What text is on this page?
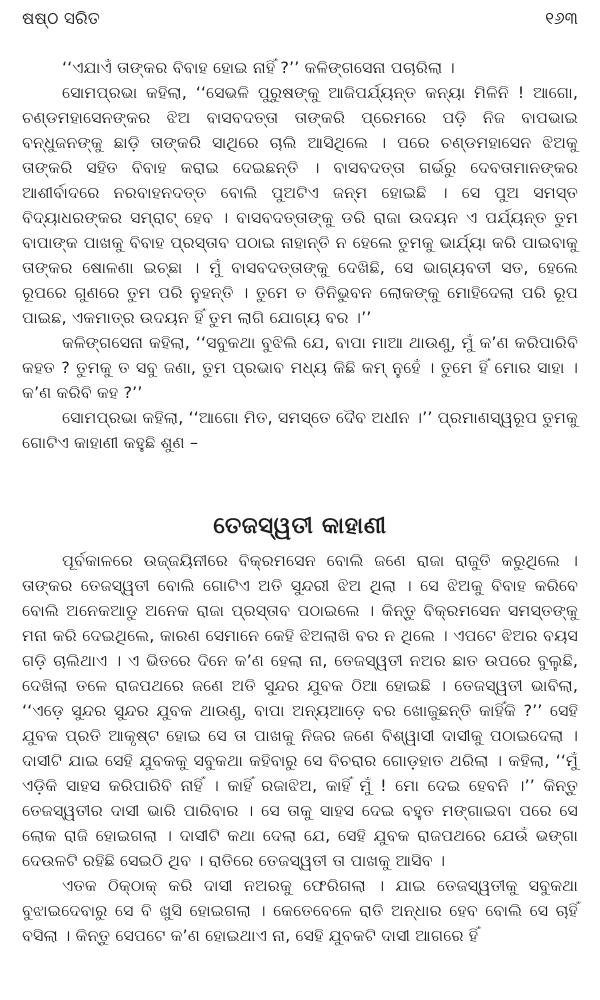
ଷଷ୍ଠ ସରିତ	୧୬୩

‘‘ଏଯାଏଁ ତାଙ୍କର ବିବାହ ହୋଇ ନାହିଁ ?’’ କଳିଙ୍ଗସେନା ପଚାରିଲା ।

ସୋମପ୍ରଭା କହିଲା, ‘‘ସେଭଳି ପୁରୁଷଙ୍କୁ ଆଜିପର୍ଯ୍ୟନ୍ତ କନ୍ୟା ମିଳିନି ! ଆଗୋ, ଚଣ୍ଡମହାସେନଙ୍କର ଝିଅ ବାସବଦତ୍ତା ତାଙ୍କରି ପ୍ରେମରେ ପଡ଼ି ନିଜ ବାପଭାଇ ବନ୍ଧୁଜନଙ୍କୁ ଛାଡ଼ି ତାଙ୍କରି ସାଥିରେ ଚାଲି ଆସିଥିଲେ । ପରେ ଚଣ୍ଡମହାସେନ ଝିଅକୁ ତାଙ୍କରି ସହିତ ବିବାହ କରାଇ ଦେଇଛନ୍ତି । ବାସବଦତ୍ତା ଗର୍ଭରୁ ଦେବତାମାନଙ୍କର ଆଶୀର୍ବାଦରେ ନରବାହନଦତ୍ତ ବୋଲି ପୁଅଟିଏ ଜନ୍ମ ହୋଇଛି । ସେ ପୁଅ ସମସ୍ତ ବିଦ୍ୟାଧରଙ୍କର ସମ୍ରାଟ୍ ହେବ । ବାସବଦତ୍ତାଙ୍କୁ ଡରି ରାଜା ଉଦୟନ ଏ ପର୍ଯ୍ୟନ୍ତ ତୁମ ବାପାଙ୍କ ପାଖକୁ ବିବାହ ପ୍ରସ୍ତାବ ପଠାଇ ନାହାନ୍ତି ନ ହେଲେ ତୁମକୁ ଭାର୍ଯ୍ୟା କରି ପାଇବାକୁ ତାଙ୍କର ଷୋଳଣା ଇଚ୍ଛା । ମୁଁ ବାସବଦତ୍ତାଙ୍କୁ ଦେଖିଛି, ସେ ଭାଗ୍ୟବତୀ ସତ, ହେଲେ ରୂପରେ ଗୁଣରେ ତୁମ ପରି ନୁହନ୍ତି । ତୁମେ ତ ତିନିଭୁବନ ଲୋକଙ୍କୁ ମୋହିଦେଲା ପରି ରୂପ ପାଇଛ, ଏକମାତ୍ର ଉଦୟନ ହିଁ ତୁମ ଲାଗି ଯୋଗ୍ୟ ବର ।’’

କଳିଙ୍ଗସେନା କହିଲା, ‘‘ସବୁକଥା ବୁଝିଲି ଯେ, ବାପା ମାଆ ଥାଉଣୁ, ମୁଁ କ’ଣ କରିପାରିବି କହତ ? ତୁମକୁ ତ ସବୁ ଜଣା, ତୁମ ପ୍ରଭାବ ମଧ୍ୟ କିଛି କମ୍ ନୁହେଁ । ତୁମେ ହିଁ ମୋର ସାହା । କ’ଣ କରିବି କହ ?’’

ସୋମପ୍ରଭା କହିଲା, ‘‘ଆଗୋ ମିତ, ସମସ୍ତେ ଦୈବ ଅଧୀନ ।’’ ପ୍ରମାଣସ୍ୱରୂପ ତୁମକୁ ଗୋଟିଏ କାହାଣୀ କହୁଛି ଶୁଣ –

ତେଜସ୍ୱତୀ କାହାଣୀ

ପୂର୍ବକାଳରେ ଉଜ୍ଜୟିନୀରେ ବିକ୍ରମସେନ ବୋଲି ଜଣେ ରାଜା ରାଜୁତି କରୁଥିଲେ । ତାଙ୍କର ତେଜସ୍ୱତୀ ବୋଲି ଗୋଟିଏ ଅତି ସୁନ୍ଦରୀ ଝିଅ ଥିଲା । ସେ ଝିଅକୁ ବିବାହ କରିବେ ବୋଲି ଅନେକଆଡୁ ଅନେକ ରାଜା ପ୍ରସ୍ତାବ ପଠାଇଲେ । କିନ୍ତୁ ବିକ୍ରମସେନ ସମସ୍ତଙ୍କୁ ମନା କରି ଦେଇଥିଲେ, କାରଣ ସେମାନେ କେହି ଝିଅଲାଖି ବର ନ ଥିଲେ । ଏପଟେ ଝିଅର ବୟସ ଗଡ଼ି ଚାଲିଥାଏ । ଏ ଭିତରେ ଦିନେ କ’ଣ ହେଲା ନା, ତେଜସ୍ୱତୀ ନଅର ଛାତ ଉପରେ ବୁଲୁଛି, ଦେଖିଲା ତଳେ ରାଜପଥରେ ଜଣେ ଅତି ସୁନ୍ଦର ଯୁବକ ଠିଆ ହୋଇଛି । ତେଜସ୍ୱତୀ ଭାବିଲା, ‘‘ଏଡ଼େ ସୁନ୍ଦର ସୁନ୍ଦର ଯୁବକ ଥାଉଣୁ, ବାପା ଅନ୍ୟଆଡ଼େ ବର ଖୋଜୁଛନ୍ତି କାହିଁକି ?’’ ସେହି ଯୁବକ ପ୍ରତି ଆକୃଷ୍ଟ ହୋଇ ସେ ତା ପାଖକୁ ନିଜର ଜଣେ ବିଶ୍ୱାସୀ ଦାସୀକୁ ପଠାଇଦେଲା । ଦାସୀଟି ଯାଇ ସେହି ଯୁବକକୁ ସବୁକଥା କହିବାରୁ ସେ ବିଚରାର ଗୋଡ଼ହାତ ଥରିଲା । କହିଲା, ‘‘ମୁଁ ଏଡ଼ିକି ସାହସ କରିପାରିବି ନାହିଁ । କାହିଁ ରଜାଝିଅ, କାହିଁ ମୁଁ ! ମୋ ଦେଇ ହେବନି ।’’ କିନ୍ତୁ ତେଜସ୍ୱତୀର ଦାସୀ ଭାରି ପାରିବାର । ସେ ତାକୁ ସାହସ ଦେଇ ବହୁତ ମଙ୍ଗାଇବା ପରେ ସେ ଲୋକ ରାଜି ହୋଇଗଲା । ଦାସୀଟି କଥା ଦେଲା ଯେ, ସେହି ଯୁବକ ରାଜପଥରେ ଯେଉଁ ଭଙ୍ଗା ଦେଉଳଟି ରହିଛି ସେଇଠି ଥିବ । ରାତିରେ ତେଜସ୍ୱତୀ ତା ପାଖକୁ ଆସିବ ।

ଏତକ ଠିକ୍‌ଠାକ୍ କରି ଦାସୀ ନଅରକୁ ଫେରିଗଲା । ଯାଇ ତେଜସ୍ୱତୀକୁ ସବୁକଥା ବୁଝାଇଦେବାରୁ ସେ ବି ଖୁସି ହୋଇଗଲା । କେତେବେଳେ ରାତି ଅନ୍ଧାର ହେବ ବୋଲି ସେ ଚାହିଁ ବସିଲା । କିନ୍ତୁ ସେପଟେ କ’ଣ ହୋଇଥାଏ ନା, ସେହି ଯୁବକଟି ଦାସୀ ଆଗରେ ହିଁ
